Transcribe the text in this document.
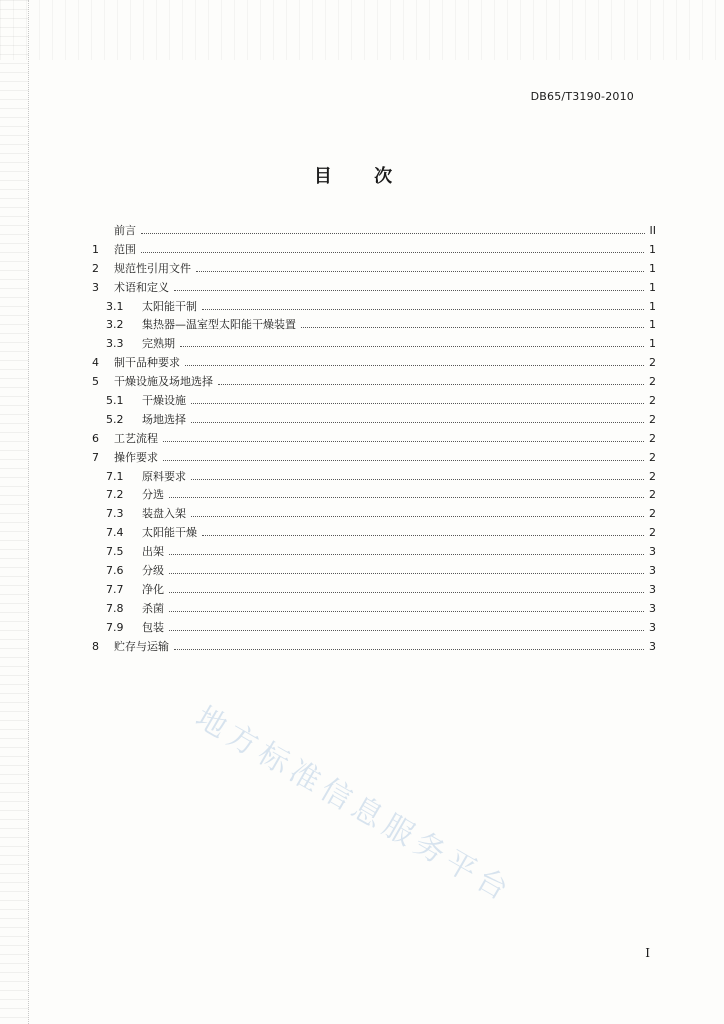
DB65/T3190-2010
目 次
前言	II
1	范围	1
2	规范性引用文件	1
3	术语和定义	1
3.1	太阳能干制	1
3.2	集热器—温室型太阳能干燥装置	1
3.3	完熟期	1
4	制干品种要求	2
5	干燥设施及场地选择	2
5.1	干燥设施	2
5.2	场地选择	2
6	工艺流程	2
7	操作要求	2
7.1	原料要求	2
7.2	分选	2
7.3	装盘入架	2
7.4	太阳能干燥	2
7.5	出架	3
7.6	分级	3
7.7	净化	3
7.8	杀菌	3
7.9	包装	3
8	贮存与运输	3
地方标准信息服务平台
I
